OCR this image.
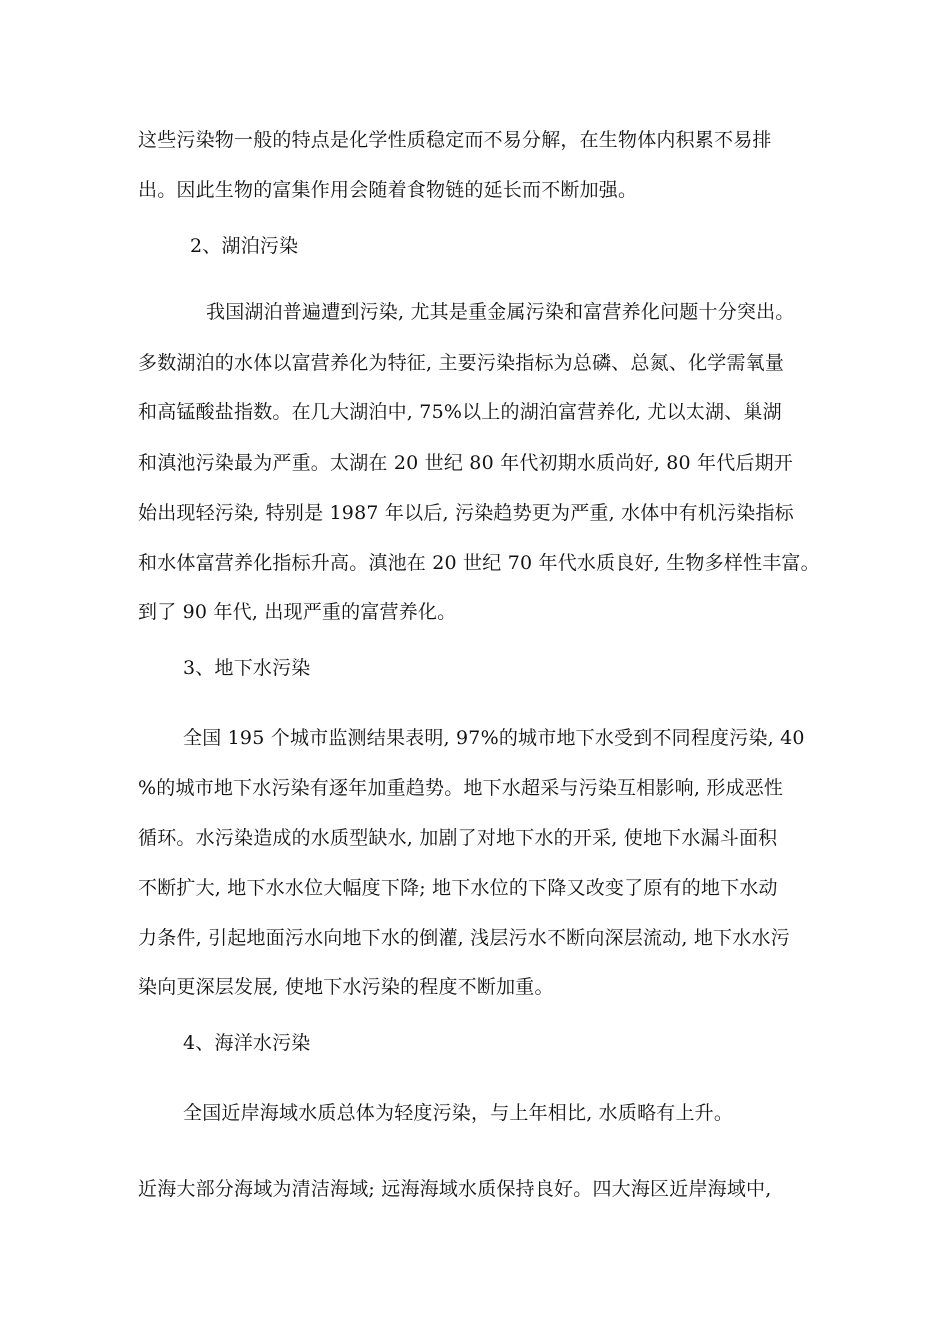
这些污染物一般的特点是化学性质稳定而不易分解，在生物体内积累不易排
出。因此生物的富集作用会随着食物链的延长而不断加强。
2、湖泊污染
我国湖泊普遍遭到污染, 尤其是重金属污染和富营养化问题十分突出。
多数湖泊的水体以富营养化为特征, 主要污染指标为总磷、总氮、化学需氧量
和高锰酸盐指数。在几大湖泊中, 75%以上的湖泊富营养化, 尤以太湖、巢湖
和滇池污染最为严重。太湖在 20 世纪 80 年代初期水质尚好, 80 年代后期开
始出现轻污染, 特别是 1987 年以后, 污染趋势更为严重, 水体中有机污染指标
和水体富营养化指标升高。滇池在 20 世纪 70 年代水质良好, 生物多样性丰富。
到了 90 年代, 出现严重的富营养化。
3、地下水污染
全国 195 个城市监测结果表明, 97%的城市地下水受到不同程度污染, 40
%的城市地下水污染有逐年加重趋势。地下水超采与污染互相影响, 形成恶性
循环。水污染造成的水质型缺水, 加剧了对地下水的开采, 使地下水漏斗面积
不断扩大, 地下水水位大幅度下降; 地下水位的下降又改变了原有的地下水动
力条件, 引起地面污水向地下水的倒灌, 浅层污水不断向深层流动, 地下水水污
染向更深层发展, 使地下水污染的程度不断加重。
4、海洋水污染
全国近岸海域水质总体为轻度污染，与上年相比, 水质略有上升。
近海大部分海域为清洁海域; 远海海域水质保持良好。四大海区近岸海域中,
